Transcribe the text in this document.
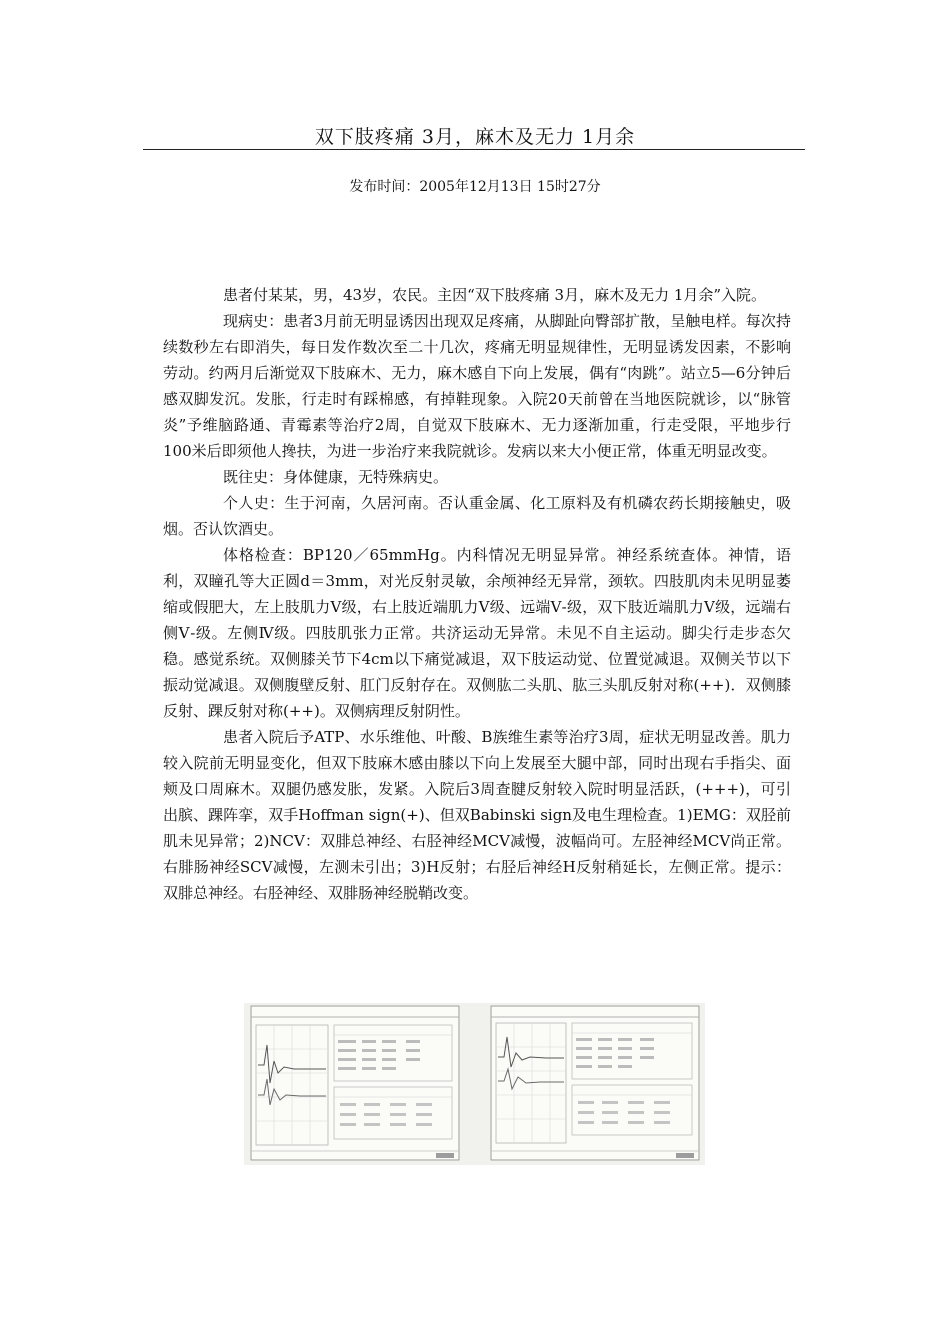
双下肢疼痛 3月，麻木及无力 1月余
发布时间：2005年12月13日 15时27分

患者付某某，男，43岁，农民。主因“双下肢疼痛 3月，麻木及无力 1月余”入院。

现病史：患者3月前无明显诱因出现双足疼痛，从脚趾向臀部扩散，呈触电样。每次持续数秒左右即消失，每日发作数次至二十几次，疼痛无明显规律性，无明显诱发因素，不影响劳动。约两月后渐觉双下肢麻木、无力，麻木感自下向上发展，偶有“肉跳”。站立5—6分钟后感双脚发沉。发胀，行走时有踩棉感，有掉鞋现象。入院20天前曾在当地医院就诊，以“脉管炎”予维脑路通、青霉素等治疗2周，自觉双下肢麻木、无力逐渐加重，行走受限，平地步行100米后即须他人搀扶，为进一步治疗来我院就诊。发病以来大小便正常，体重无明显改变。

既往史：身体健康，无特殊病史。

个人史：生于河南，久居河南。否认重金属、化工原料及有机磷农药长期接触史，吸烟。否认饮酒史。

体格检查：BP120／65mmHg。内科情况无明显异常。神经系统查体。神情，语利，双瞳孔等大正圆d＝3mm，对光反射灵敏，余颅神经无异常，颈软。四肢肌肉未见明显萎缩或假肥大，左上肢肌力Ⅴ级，右上肢近端肌力Ⅴ级、远端Ⅴ-级，双下肢近端肌力Ⅴ级，远端右侧Ⅴ-级。左侧Ⅳ级。四肢肌张力正常。共济运动无异常。未见不自主运动。脚尖行走步态欠稳。感觉系统。双侧膝关节下4cm以下痛觉减退，双下肢运动觉、位置觉减退。双侧关节以下振动觉减退。双侧腹壁反射、肛门反射存在。双侧肱二头肌、肱三头肌反射对称(++)．双侧膝反射、踝反射对称(++)。双侧病理反射阴性。

患者入院后予ATP、水乐维他、叶酸、B族维生素等治疗3周，症状无明显改善。肌力较入院前无明显变化，但双下肢麻木感由膝以下向上发展至大腿中部，同时出现右手指尖、面颊及口周麻木。双腿仍感发胀，发紧。入院后3周查腱反射较入院时明显活跃，(+++)，可引出膑、踝阵挛，双手Hoffman sign(+)、但双Babinski sign及电生理检查。1)EMG：双胫前肌未见异常；2)NCV：双腓总神经、右胫神经MCV减慢，波幅尚可。左胫神经MCV尚正常。右腓肠神经SCV减慢，左测未引出；3)H反射；右胫后神经H反射稍延长，左侧正常。提示：双腓总神经。右胫神经、双腓肠神经脱鞘改变。
